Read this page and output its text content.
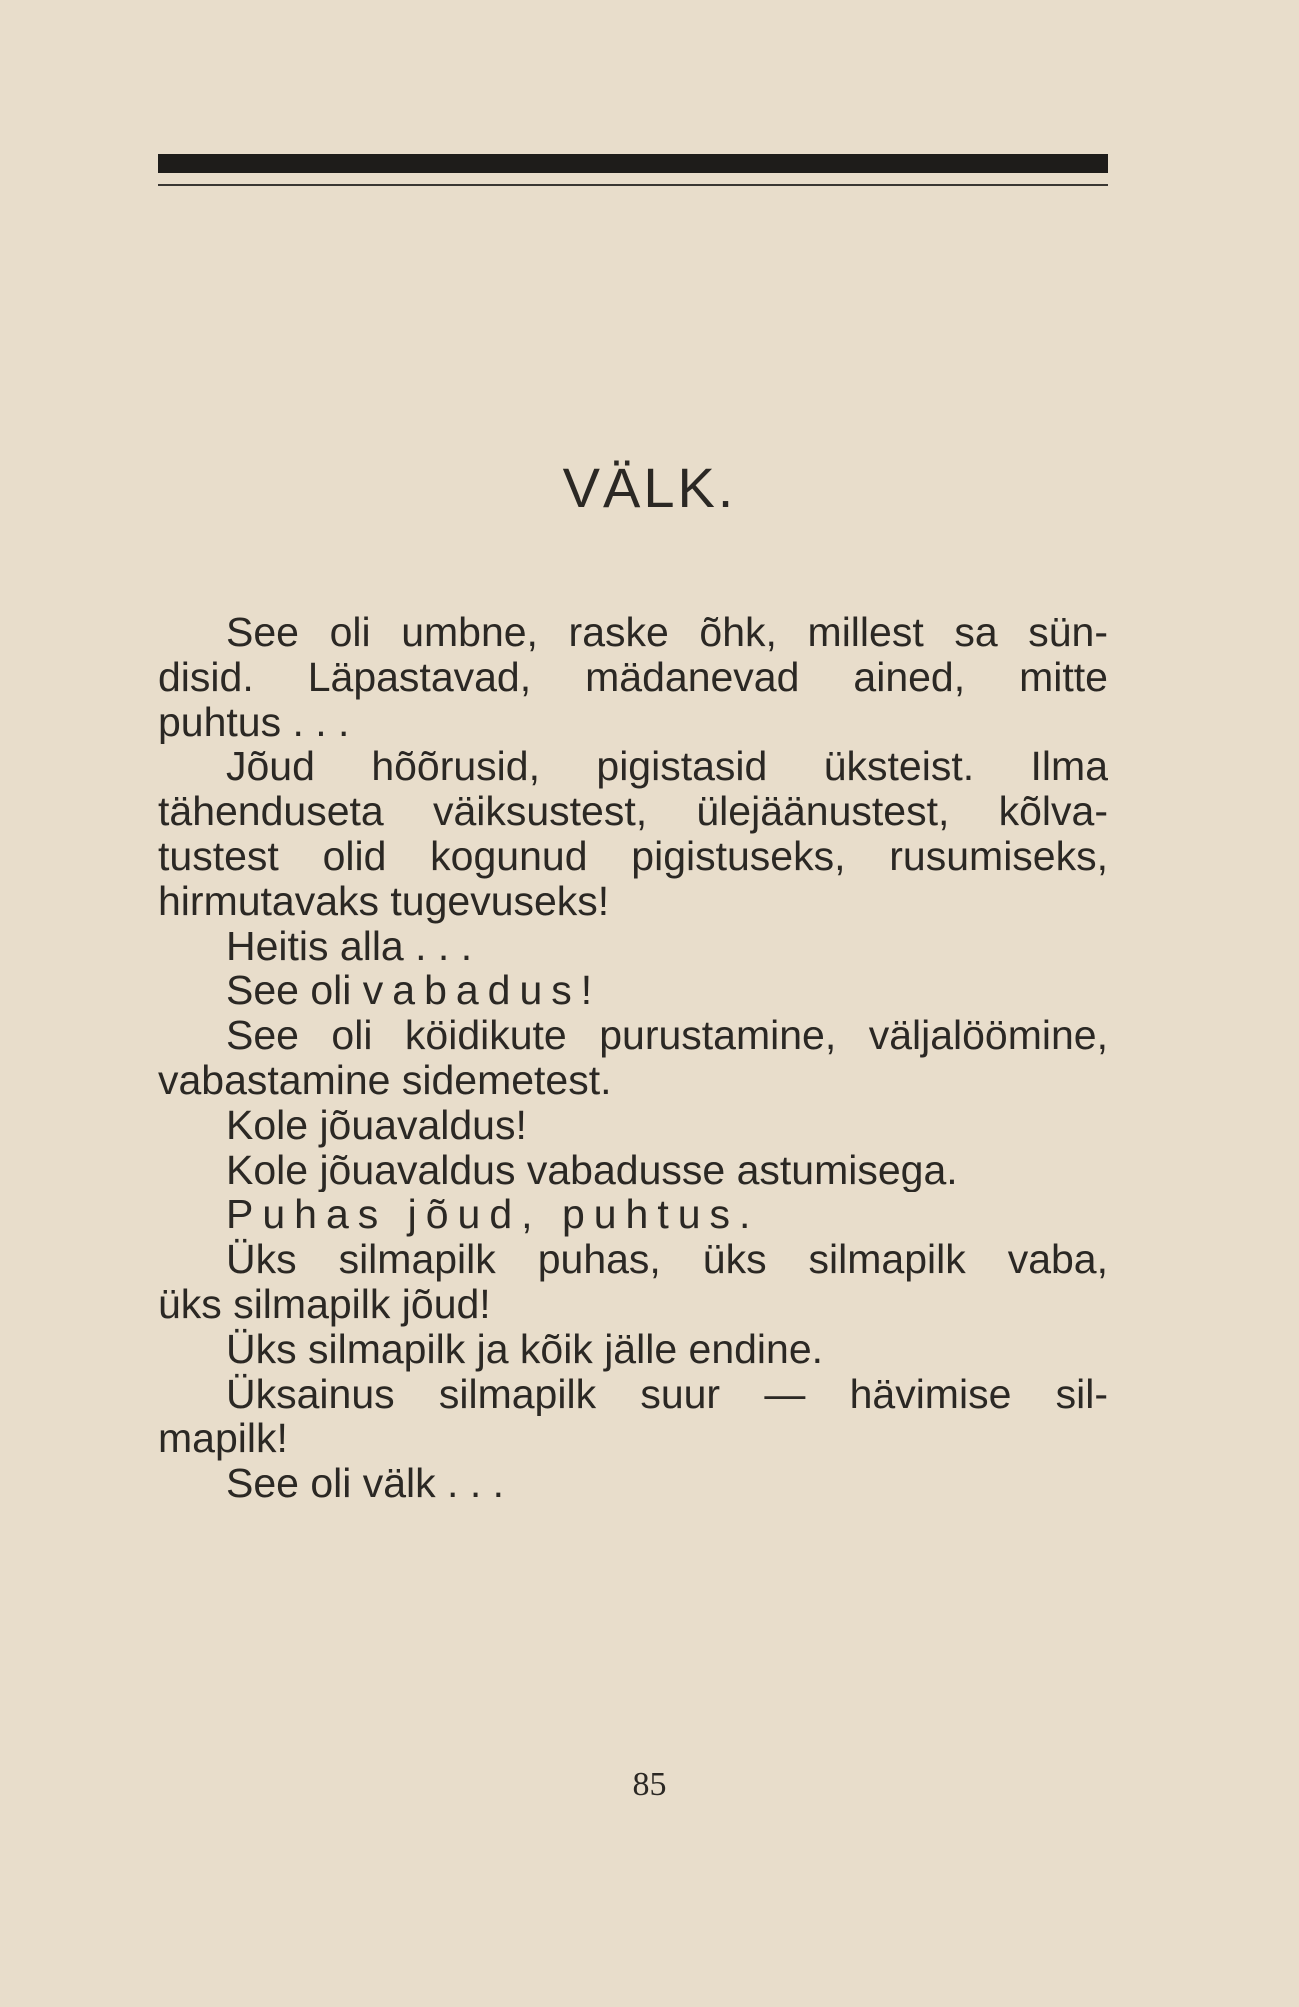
VÄLK.
See oli umbne, raske õhk, millest sa sün-
disid. Läpastavad, mädanevad ained, mitte
puhtus . . .
Jõud hõõrusid, pigistasid üksteist. Ilma
tähenduseta väiksustest, ülejäänustest, kõlva-
tustest olid kogunud pigistuseks, rusumiseks,
hirmutavaks tugevuseks!
Heitis alla . . .
See oli vabadus!
See oli köidikute purustamine, väljalöömine,
vabastamine sidemetest.
Kole jõuavaldus!
Kole jõuavaldus vabadusse astumisega.
Puhas jõud, puhtus.
Üks silmapilk puhas, üks silmapilk vaba,
üks silmapilk jõud!
Üks silmapilk ja kõik jälle endine.
Üksainus silmapilk suur — hävimise sil-
mapilk!
See oli välk . . .
85
